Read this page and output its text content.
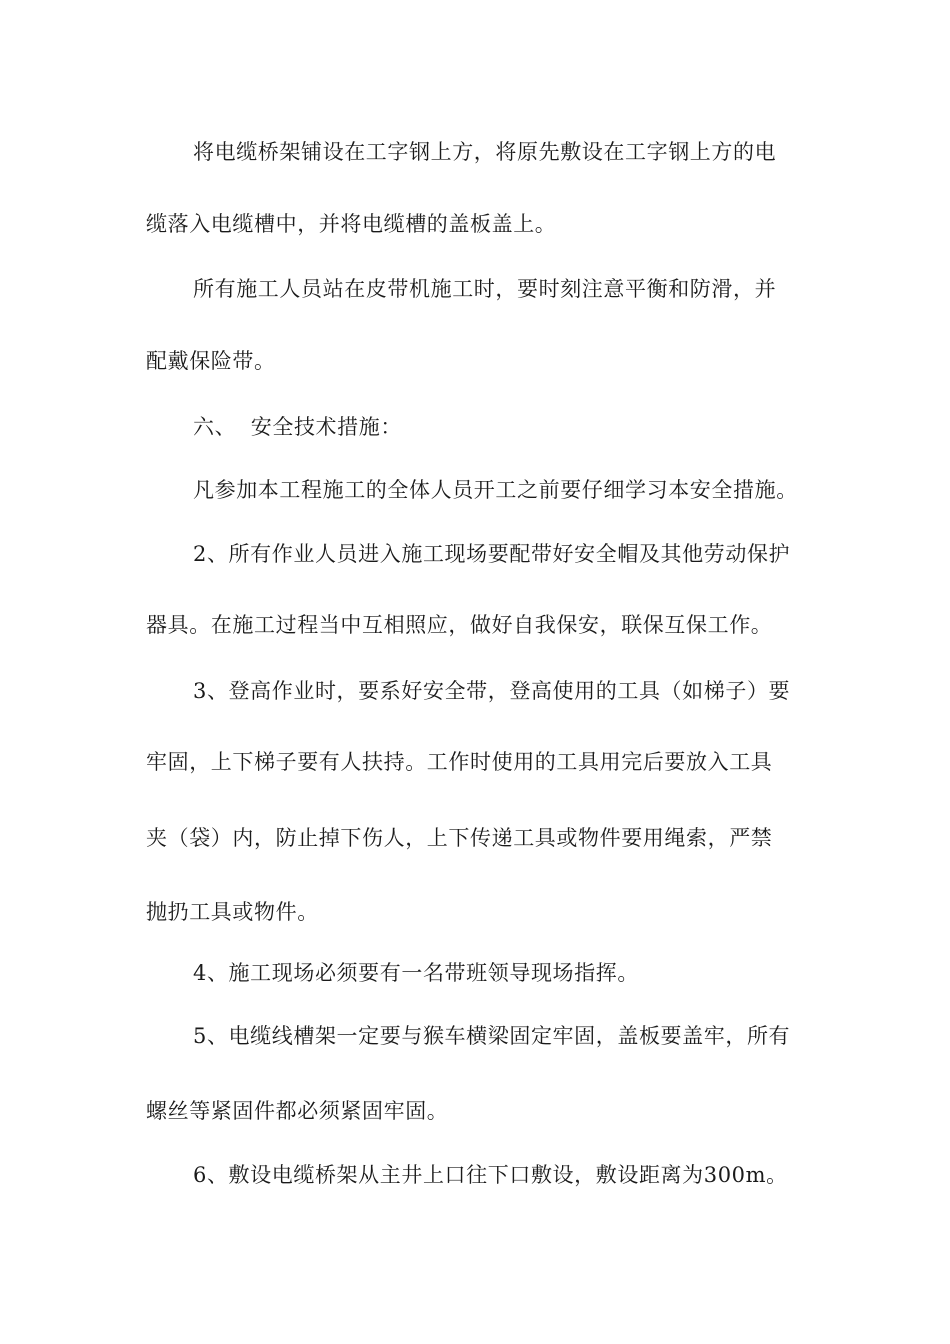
将电缆桥架铺设在工字钢上方，将原先敷设在工字钢上方的电
缆落入电缆槽中，并将电缆槽的盖板盖上。
所有施工人员站在皮带机施工时，要时刻注意平衡和防滑，并
配戴保险带。
六、  安全技术措施：
凡参加本工程施工的全体人员开工之前要仔细学习本安全措施。
2、所有作业人员进入施工现场要配带好安全帽及其他劳动保护
器具。在施工过程当中互相照应，做好自我保安，联保互保工作。
3、登高作业时，要系好安全带，登高使用的工具（如梯子）要
牢固，上下梯子要有人扶持。工作时使用的工具用完后要放入工具
夹（袋）内，防止掉下伤人，上下传递工具或物件要用绳索，严禁
抛扔工具或物件。
4、施工现场必须要有一名带班领导现场指挥。
5、电缆线槽架一定要与猴车横梁固定牢固，盖板要盖牢，所有
螺丝等紧固件都必须紧固牢固。
6、敷设电缆桥架从主井上口往下口敷设，敷设距离为300m。
